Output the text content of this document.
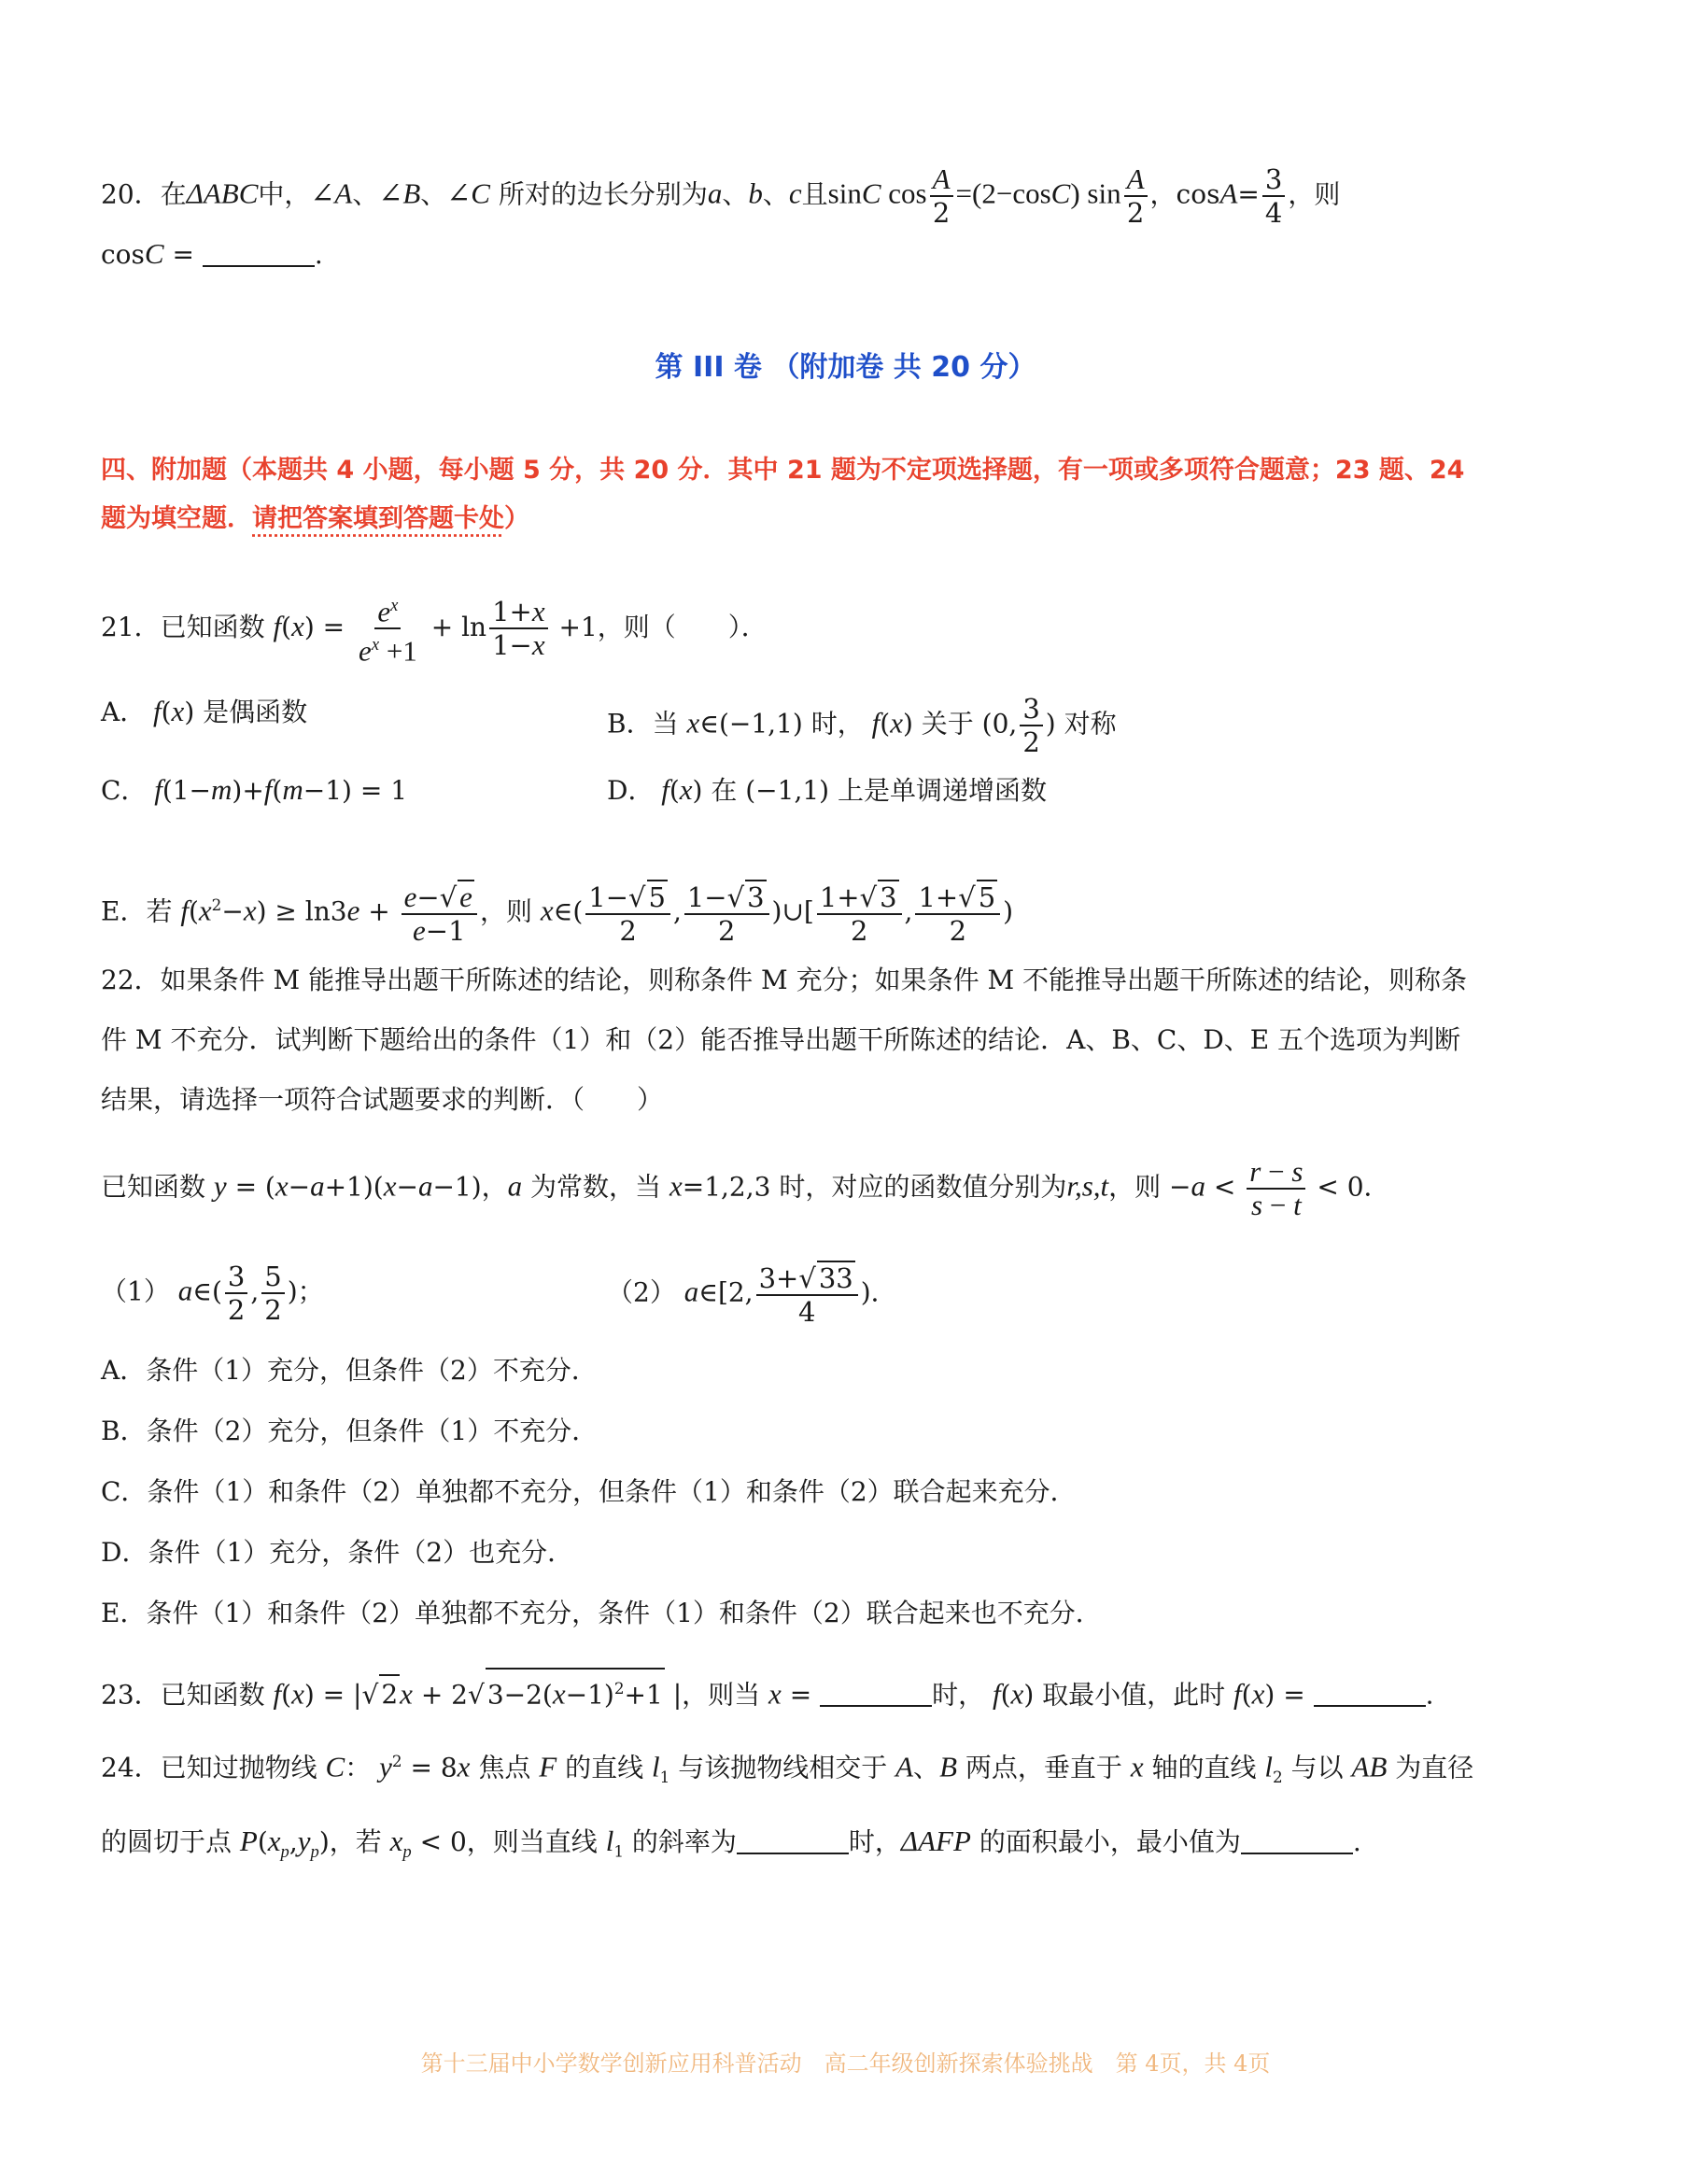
20．在ΔABC中，∠A、∠B、∠C 所对的边长分别为a、b、c且sinC $\cos \frac{A}{2} =(2-\cos C)$ $\sin \frac{A}{2}$ ，$\cos A= \frac{3}{4}$ ，则
cosC =	.
第 III 卷 （附加卷 共 20 分）
四、附加题（本题共 4 小题，每小题 5 分，共 20 分．其中 21 题为不定项选择题，有一项或多项符合题意；23 题、24
题为填空题．请把答案填到答题卡处）
21．已知函数 $f(x) = \frac{e^x}{e^x +1} + \ln \frac{1+x}{1-x} +1$，则（　　）．
A． f(x) 是偶函数	B．当 x∈(−1,1) 时， f(x) 关于 (0, $\frac{3}{2}$ ) 对称
C． f(1−m)+f(m−1) = 1	D． f(x) 在 (−1,1) 上是单调递增函数
E．若 $f(x^2-x) \ge \ln 3e + \frac{e-√e}{e-1}$ ，则 x∈( $\frac{1-√ 5}{2}$ , $\frac{1-√ 3}{2}$ )∪[ $\frac{1+√ 3}{2}$ , $\frac{1+√ 5}{2}$ )
22．如果条件 M 能推导出题干所陈述的结论，则称条件 M 充分；如果条件 M 不能推导出题干所陈述的结论，则称条
件 M 不充分．试判断下题给出的条件（1）和（2）能否推导出题干所陈述的结论．A、B、C、D、E 五个选项为判断
结果，请选择一项符合试题要求的判断．（　　）
已知函数 y = (x−a+1)(x−a−1)，a 为常数，当 x=1,2,3 时，对应的函数值分别为r,s,t，则 $-a < \frac{r - s}{s - t} < 0$．
（1） a∈( $\frac{3}{2}$ , $\frac{5}{2}$ )；	（2） a∈[2, $\frac{3+√ 33}{4}$ )．
A．条件（1）充分，但条件（2）不充分．
B．条件（2）充分，但条件（1）不充分．
C．条件（1）和条件（2）单独都不充分，但条件（1）和条件（2）联合起来充分．
D．条件（1）充分，条件（2）也充分．
E．条件（1）和条件（2）单独都不充分，条件（1）和条件（2）联合起来也不充分．
23．已知函数 f(x) = |√ 2x + 2√ $3-2(x-1)^2+1$ |，则当 x =	时， f(x) 取最小值，此时 f(x) =	.
24．已知过抛物线 C： $y^2 = 8x$ 焦点 F 的直线 $l_1$ 与该抛物线相交于 A、B 两点，垂直于 x 轴的直线 $l_2$ 与以 AB 为直径
的圆切于点 $P(x_p,y_p)$，若 $x_p < 0$，则当直线 $l_1$ 的斜率为	时，ΔAFP 的面积最小，最小值为	.
第十三届中小学数学创新应用科普活动　高二年级创新探索体验挑战　第 4页，共 4页
